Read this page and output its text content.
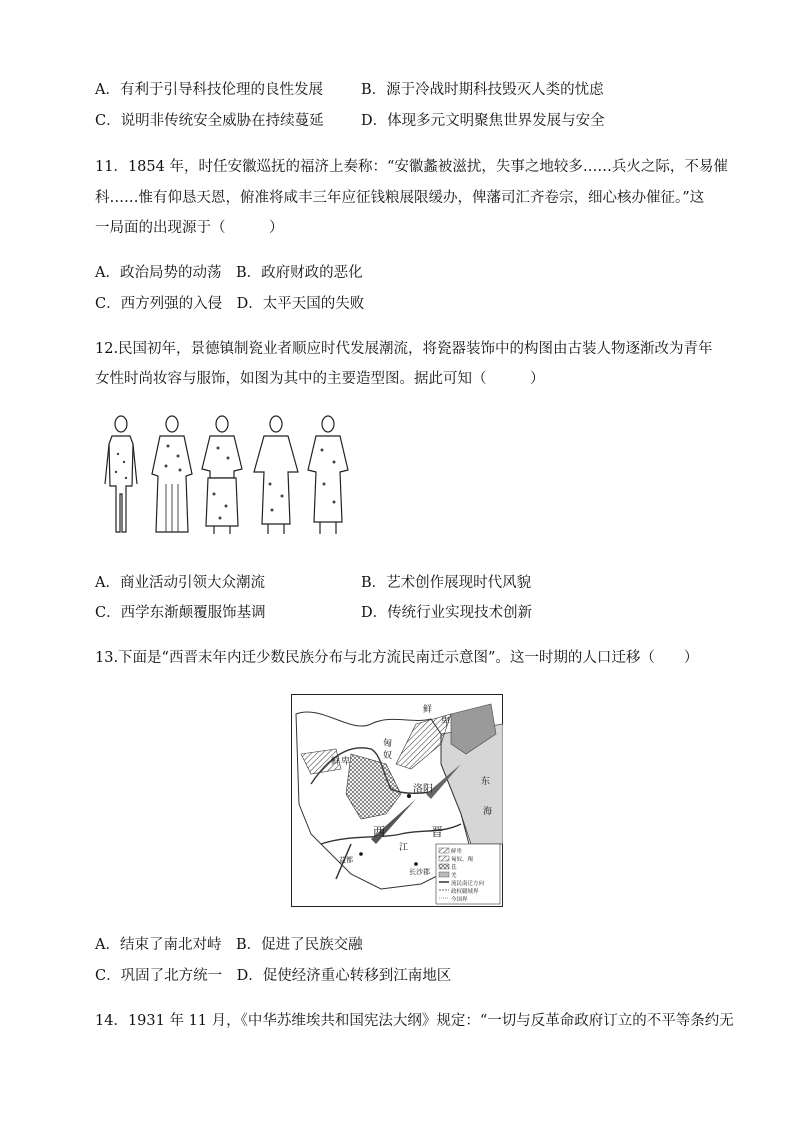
A．有利于引导科技伦理的良性发展	B．源于冷战时期科技毁灭人类的忧虑
C．说明非传统安全威胁在持续蔓延	D．体现多元文明聚焦世界发展与安全
11．1854 年，时任安徽巡抚的福济上奏称：“安徽蠡被滋扰，失事之地较多……兵火之际，不易催
科……惟有仰恳天恩，俯准将咸丰三年应征钱粮展限缓办，俾藩司汇齐卷宗，细心核办催征。”这
一局面的出现源于（　　　）
A．政治局势的动荡　B．政府财政的恶化
C．西方列强的入侵　D．太平天国的失败
12.民国初年，景德镇制瓷业者顺应时代发展潮流，将瓷器装饰中的构图由古装人物逐渐改为青年
女性时尚妆容与服饰，如图为其中的主要造型图。据此可知（　　　）
A．商业活动引领大众潮流	B．艺术创作展现时代风貌
C．西学东渐颠覆服饰基调	D．传统行业实现技术创新
13.下面是“西晋末年内迁少数民族分布与北方流民南迁示意图”。这一时期的人口迁移（　　）
鲜
卑
鲜 卑
匈
奴
洛阳
西	晋
江
东
海
益都
长沙郡
鲜卑
匈奴、羯
氐
羌
流民南迁方向
政权疆域界
今国界
A．结束了南北对峙　B．促进了民族交融
C．巩固了北方统一　D．促使经济重心转移到江南地区
14．1931 年 11 月，《中华苏维埃共和国宪法大纲》规定：“一切与反革命政府订立的不平等条约无
